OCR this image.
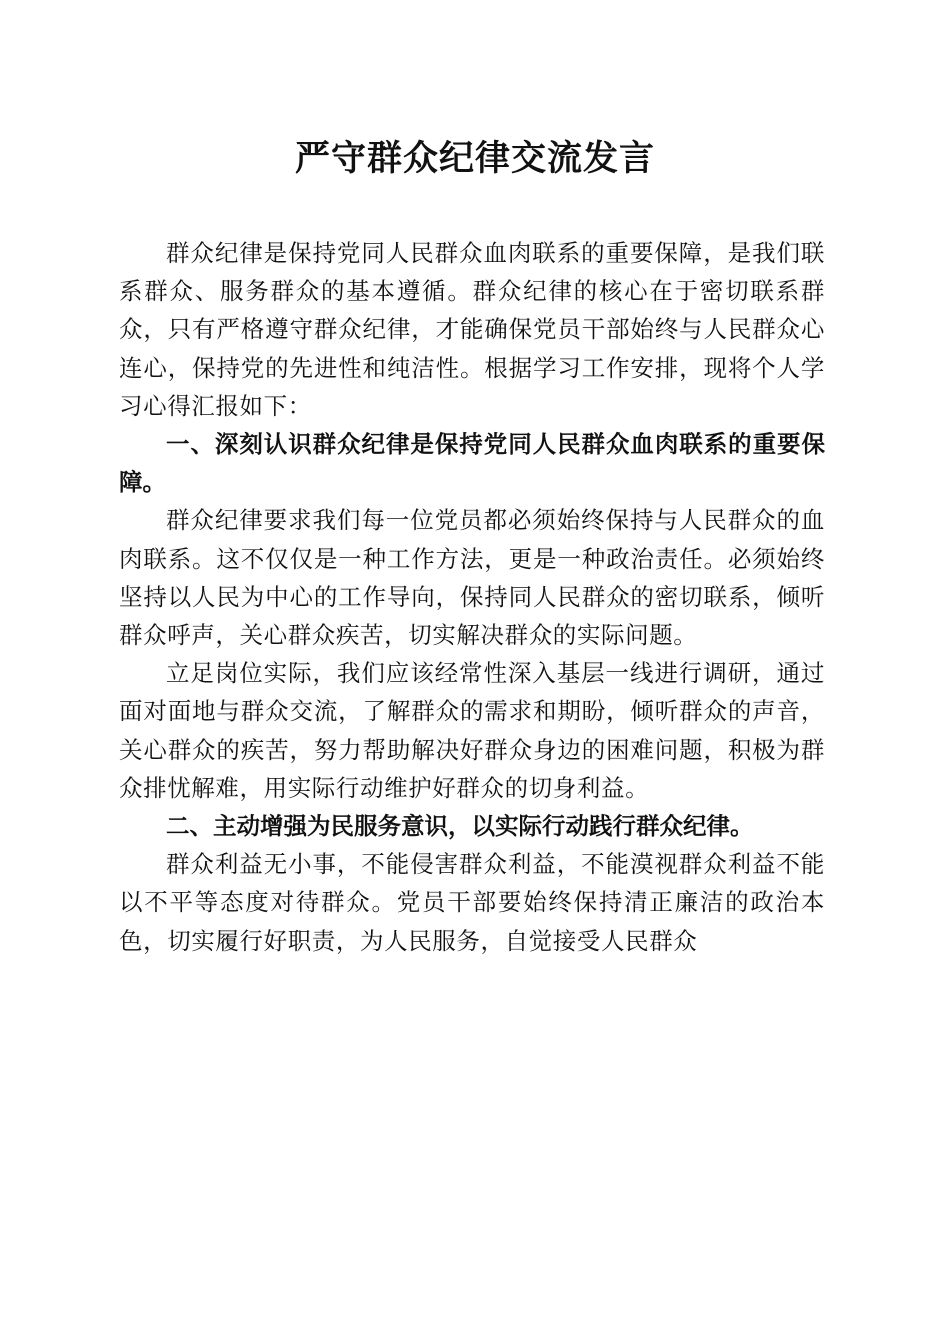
严守群众纪律交流发言

群众纪律是保持党同人民群众血肉联系的重要保障，是我们联系群众、服务群众的基本遵循。群众纪律的核心在于密切联系群众，只有严格遵守群众纪律，才能确保党员干部始终与人民群众心连心，保持党的先进性和纯洁性。根据学习工作安排，现将个人学习心得汇报如下：

一、深刻认识群众纪律是保持党同人民群众血肉联系的重要保障。

群众纪律要求我们每一位党员都必须始终保持与人民群众的血肉联系。这不仅仅是一种工作方法，更是一种政治责任。必须始终坚持以人民为中心的工作导向，保持同人民群众的密切联系，倾听群众呼声，关心群众疾苦，切实解决群众的实际问题。

立足岗位实际，我们应该经常性深入基层一线进行调研，通过面对面地与群众交流，了解群众的需求和期盼，倾听群众的声音，关心群众的疾苦，努力帮助解决好群众身边的困难问题，积极为群众排忧解难，用实际行动维护好群众的切身利益。

二、主动增强为民服务意识，以实际行动践行群众纪律。

群众利益无小事，不能侵害群众利益，不能漠视群众利益不能以不平等态度对待群众。党员干部要始终保持清正廉洁的政治本色，切实履行好职责，为人民服务，自觉接受人民群众
